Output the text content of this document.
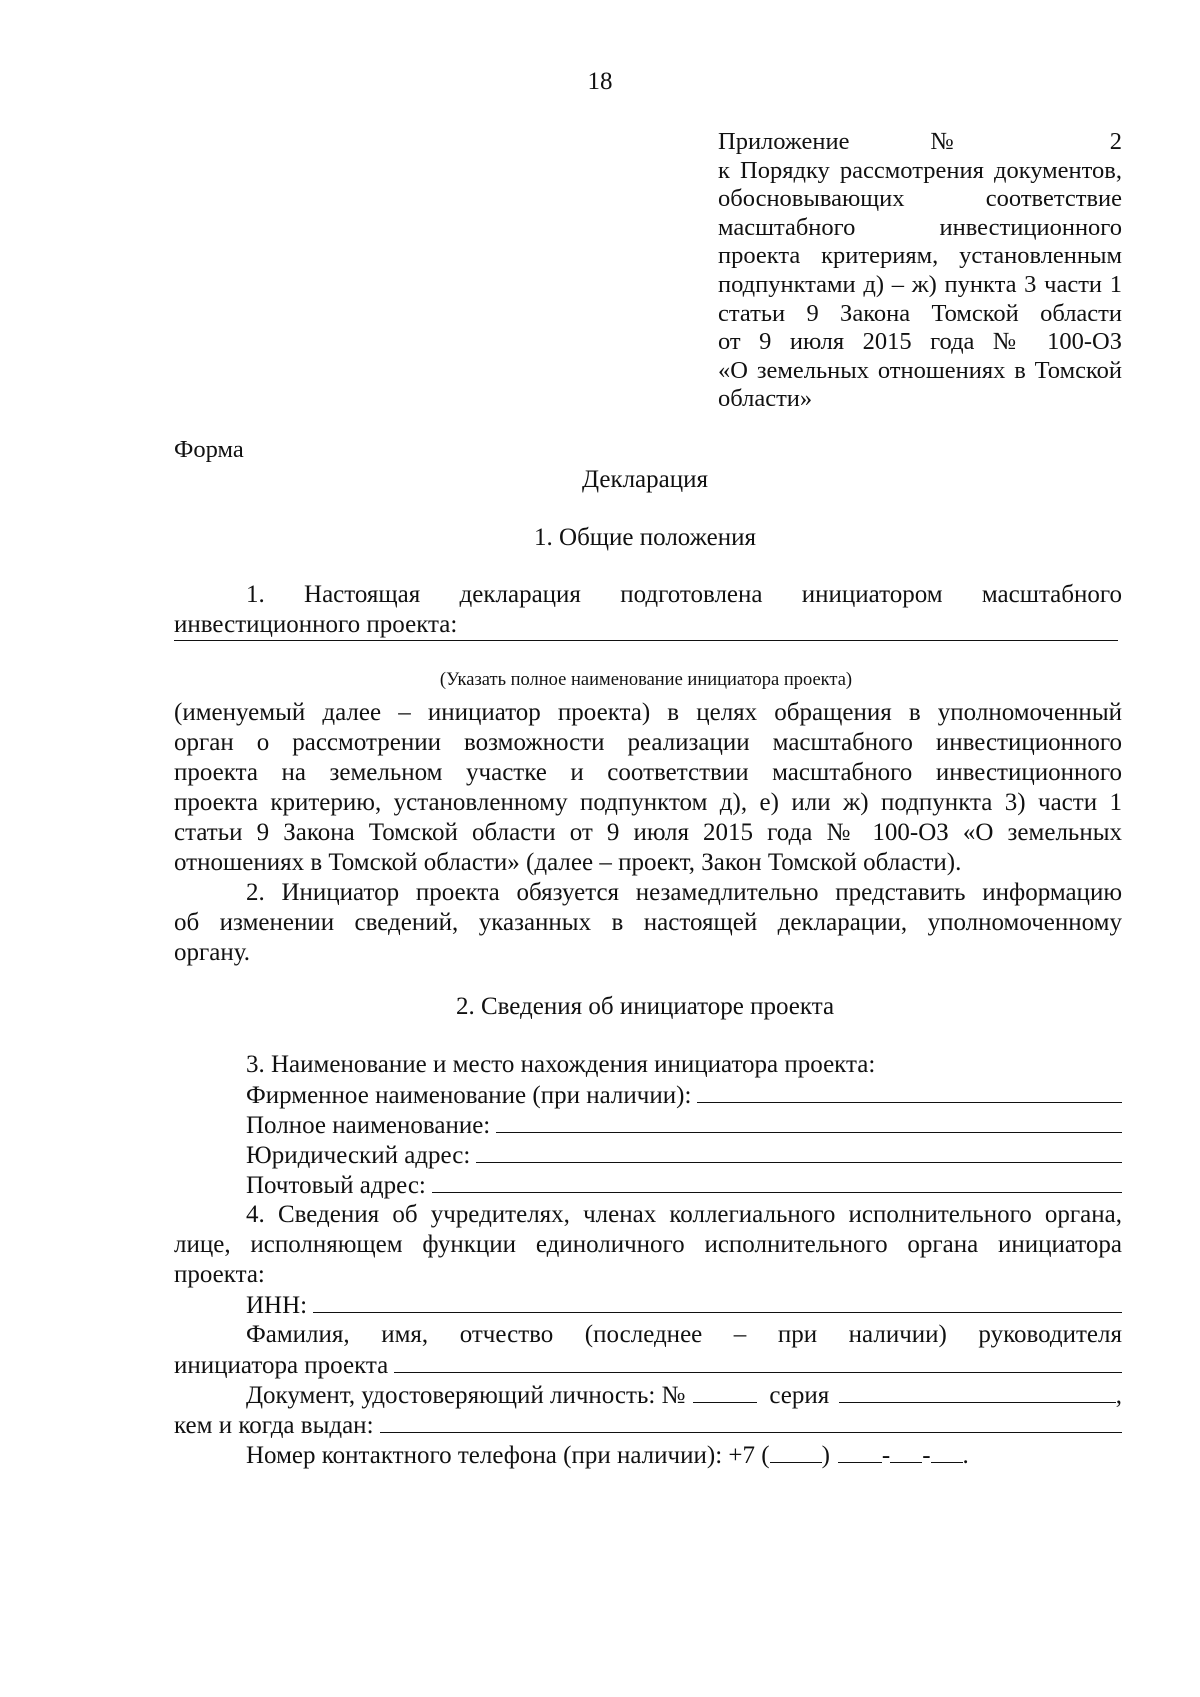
18
Приложение № 2
к Порядку рассмотрения документов,
обосновывающих соответствие
масштабного инвестиционного
проекта критериям, установленным
подпунктами д) – ж) пункта 3 части 1
статьи 9 Закона Томской области
от 9 июля 2015 года № 100-ОЗ
«О земельных отношениях в Томской
области»
Форма
Декларация
1. Общие положения
1. Настоящая декларация подготовлена инициатором масштабного
инвестиционного проекта:
(Указать полное наименование инициатора проекта)
(именуемый далее – инициатор проекта) в целях обращения в уполномоченный
орган о рассмотрении возможности реализации масштабного инвестиционного
проекта на земельном участке и соответствии масштабного инвестиционного
проекта критерию, установленному подпунктом д), е) или ж) подпункта 3) части 1
статьи 9 Закона Томской области от 9 июля 2015 года № 100-ОЗ «О земельных
отношениях в Томской области» (далее – проект, Закон Томской области).
2. Инициатор проекта обязуется незамедлительно представить информацию
об изменении сведений, указанных в настоящей декларации, уполномоченному
органу.
2. Сведения об инициаторе проекта
3. Наименование и место нахождения инициатора проекта:
Фирменное наименование (при наличии):
Полное наименование:
Юридический адрес:
Почтовый адрес:
4. Сведения об учредителях, членах коллегиального исполнительного органа,
лице, исполняющем функции единоличного исполнительного органа инициатора
проекта:
ИНН:
Фамилия, имя, отчество (последнее – при наличии) руководителя
инициатора проекта
Документ, удостоверяющий личность: №	серия	,
кем и когда выдан:
Номер контактного телефона (при наличии): +7 ( ) - - .
